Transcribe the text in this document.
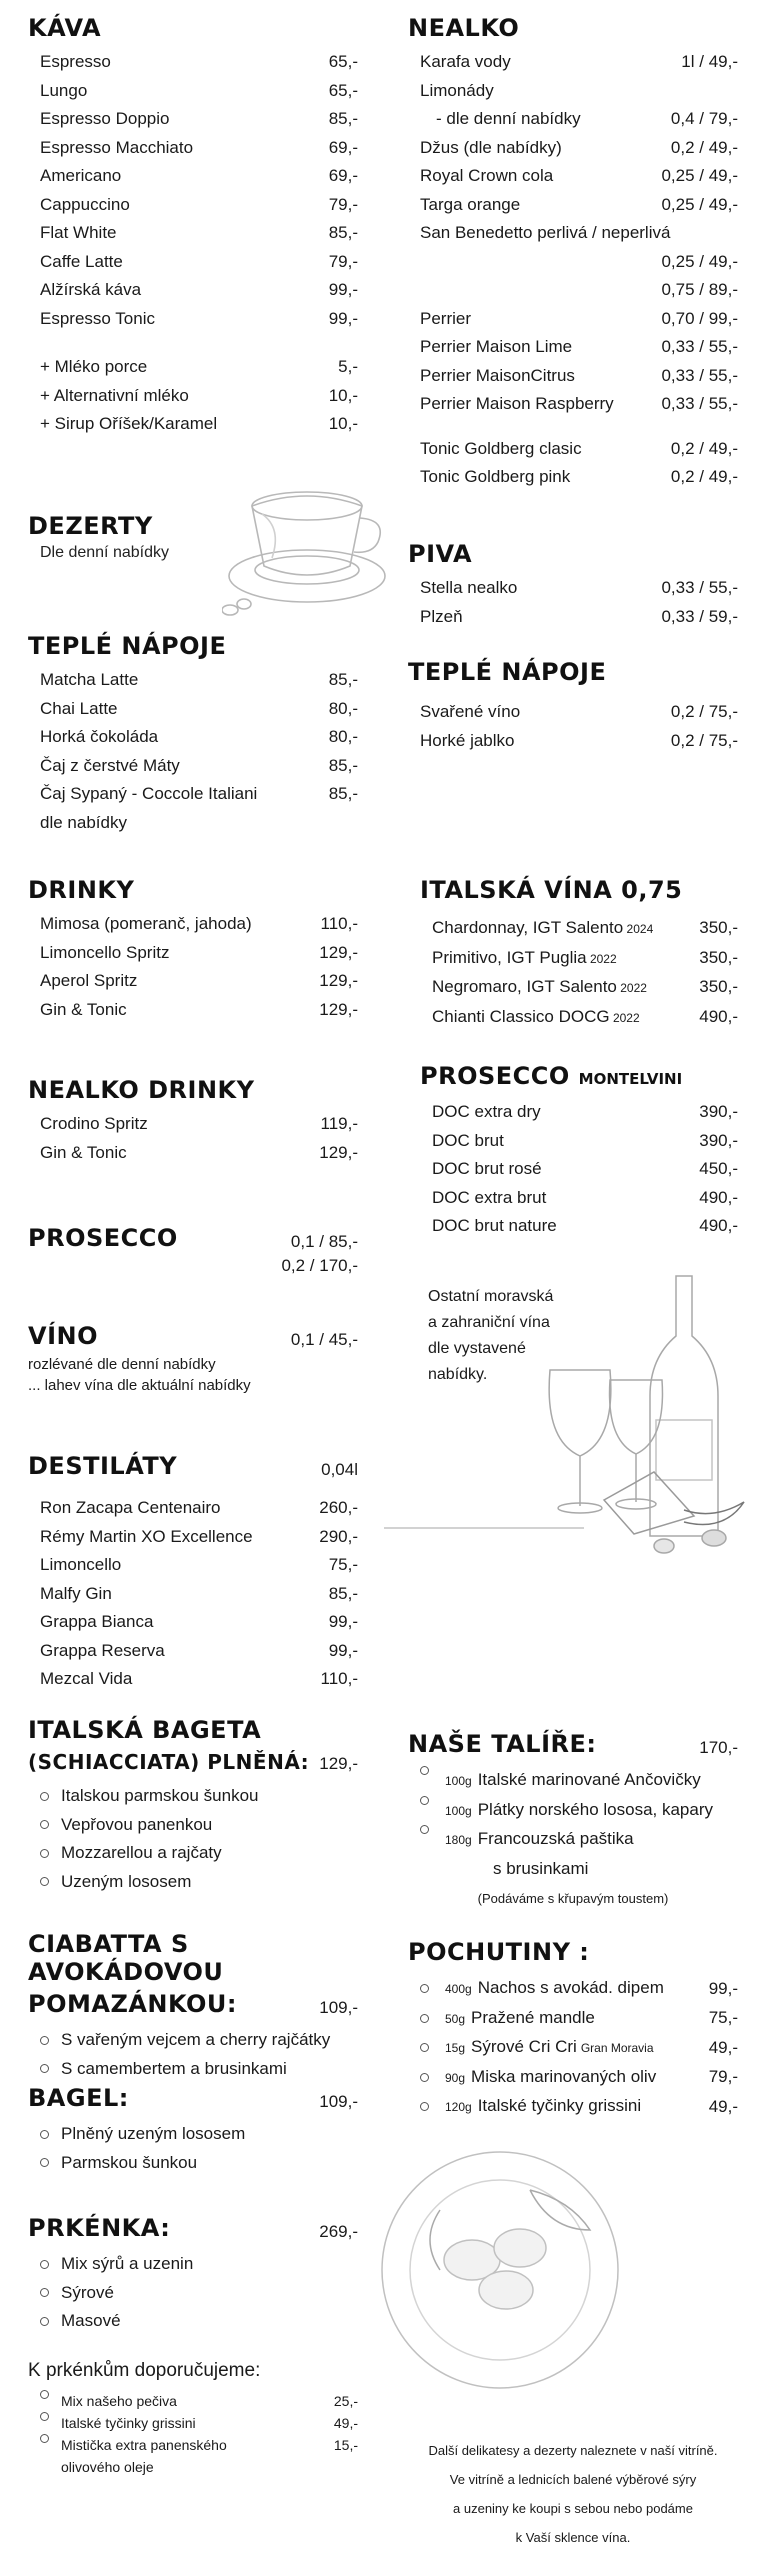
KÁVA
Espresso	65,-
Lungo	65,-
Espresso Doppio	85,-
Espresso Macchiato	69,-
Americano	69,-
Cappuccino	79,-
Flat White	85,-
Caffe Latte	79,-
Alžírská káva	99,-
Espresso Tonic	99,-
+ Mléko porce	5,-
+ Alternativní mléko	10,-
+ Sirup Oříšek/Karamel	10,-
DEZERTY
Dle denní nabídky
TEPLÉ NÁPOJE
Matcha Latte	85,-
Chai Latte	80,-
Horká čokoláda	80,-
Čaj z čerstvé Máty	85,-
Čaj Sypaný - Coccole Italiani	85,-
dle nabídky
DRINKY
Mimosa (pomeranč, jahoda)	110,-
Limoncello Spritz	129,-
Aperol Spritz	129,-
Gin & Tonic	129,-
NEALKO DRINKY
Crodino Spritz	119,-
Gin & Tonic	129,-
PROSECCO	0,1 / 85,-
0,2 / 170,-
VÍNO	0,1 / 45,-
rozlévané dle denní nabídky
... lahev vína dle aktuální nabídky
DESTILÁTY	0,04l
Ron Zacapa Centenairo	260,-
Rémy Martin XO Excellence	290,-
Limoncello	75,-
Malfy Gin	85,-
Grappa Bianca	99,-
Grappa Reserva	99,-
Mezcal Vida	110,-
ITALSKÁ BAGETA
(SCHIACCIATA) PLNĚNÁ: 129,-
Italskou parmskou šunkou
Vepřovou panenkou
Mozzarellou a rajčaty
Uzeným lososem
CIABATTA S AVOKÁDOVOU
POMAZÁNKOU:	109,-
S vařeným vejcem a cherry rajčátky
S camembertem a brusinkami
BAGEL:	109,-
Plněný uzeným lososem
Parmskou šunkou
PRKÉNKA:	269,-
Mix sýrů a uzenin
Sýrové
Masové
K prkénkům doporučujeme:
Mix našeho pečiva	25,-
Italské tyčinky grissini	49,-
Mistička extra panenského
olivového oleje
15,-
NEALKO
Karafa vody	1l / 49,-
Limonády
- dle denní nabídky	0,4 / 79,-
Džus (dle nabídky)	0,2 / 49,-
Royal Crown cola	0,25 / 49,-
Targa orange	0,25 / 49,-
San Benedetto perlivá / neperlivá
0,25 / 49,-
0,75 / 89,-
Perrier	0,70 / 99,-
Perrier Maison Lime	0,33 / 55,-
Perrier MaisonCitrus	0,33 / 55,-
Perrier Maison Raspberry	0,33 / 55,-
Tonic Goldberg clasic	0,2 / 49,-
Tonic Goldberg pink	0,2 / 49,-
PIVA
Stella nealko	0,33 / 55,-
Plzeň	0,33 / 59,-
TEPLÉ NÁPOJE
Svařené víno	0,2 / 75,-
Horké jablko	0,2 / 75,-
ITALSKÁ VÍNA 0,75
Chardonnay, IGT Salento 2024	350,-
Primitivo, IGT Puglia 2022	350,-
Negromaro, IGT Salento 2022	350,-
Chianti Classico DOCG 2022	490,-
PROSECCO MONTELVINI
DOC extra dry	390,-
DOC brut	390,-
DOC brut rosé	450,-
DOC extra brut	490,-
DOC brut nature	490,-
Ostatní moravská
a zahraniční vína
dle vystavené
nabídky.
NAŠE TALÍŘE:	170,-
100g Italské marinované Ančovičky
100g Plátky norského lososa, kapary
180g Francouzská paštika
s brusinkami
(Podáváme s křupavým toustem)
POCHUTINY :
400g Nachos s avokád. dipem	99,-
50g Pražené mandle	75,-
15g Sýrové Cri Cri Gran Moravia	49,-
90g Miska marinovaných oliv	79,-
120g Italské tyčinky grissini	49,-
Další delikatesy a dezerty naleznete v naší vitríně.
Ve vitríně a lednicích balené výběrové sýry
a uzeniny ke koupi s sebou nebo podáme
k Vaší sklence vína.
